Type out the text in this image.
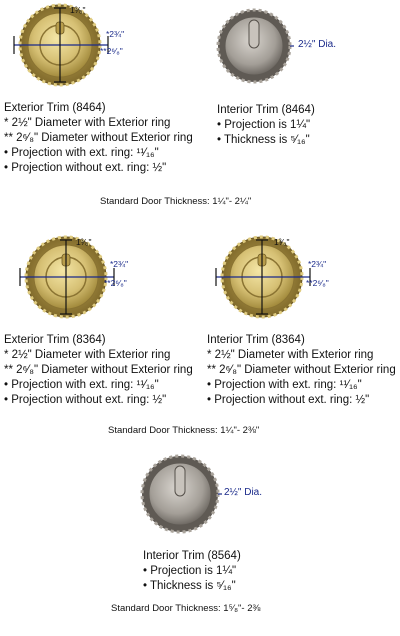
1³⁄₈"
*2¾"
**2⁶⁄₈"
2½" Dia.
Exterior Trim (8464)
* 2½" Diameter with Exterior ring
** 2⁶⁄₈" Diameter without Exterior ring
• Projection with ext. ring: ¹¹⁄₁₆"
• Projection without ext. ring: ½"
Interior Trim (8464)
• Projection is 1¼"
• Thickness is ⁵⁄₁₆"
Standard Door Thickness: 1¼"- 2¼"
1³⁄₈"
*2¾"
**2⁶⁄₈"
1³⁄₈"
*2¾"
**2⁶⁄₈"
Exterior Trim (8364)
* 2½" Diameter with Exterior ring
** 2⁶⁄₈" Diameter without Exterior ring
• Projection with ext. ring: ¹¹⁄₁₆"
• Projection without ext. ring: ½"
Interior Trim (8364)
* 2½" Diameter with Exterior ring
** 2⁶⁄₈" Diameter without Exterior ring
• Projection with ext. ring: ¹¹⁄₁₆"
• Projection without ext. ring: ½"
Standard Door Thickness: 1¼"- 2⅜"
2½" Dia.
Interior Trim (8564)
• Projection is 1¼"
• Thickness is ⁵⁄₁₆"
Standard Door Thickness: 1⁵⁄₈"- 2⅜
